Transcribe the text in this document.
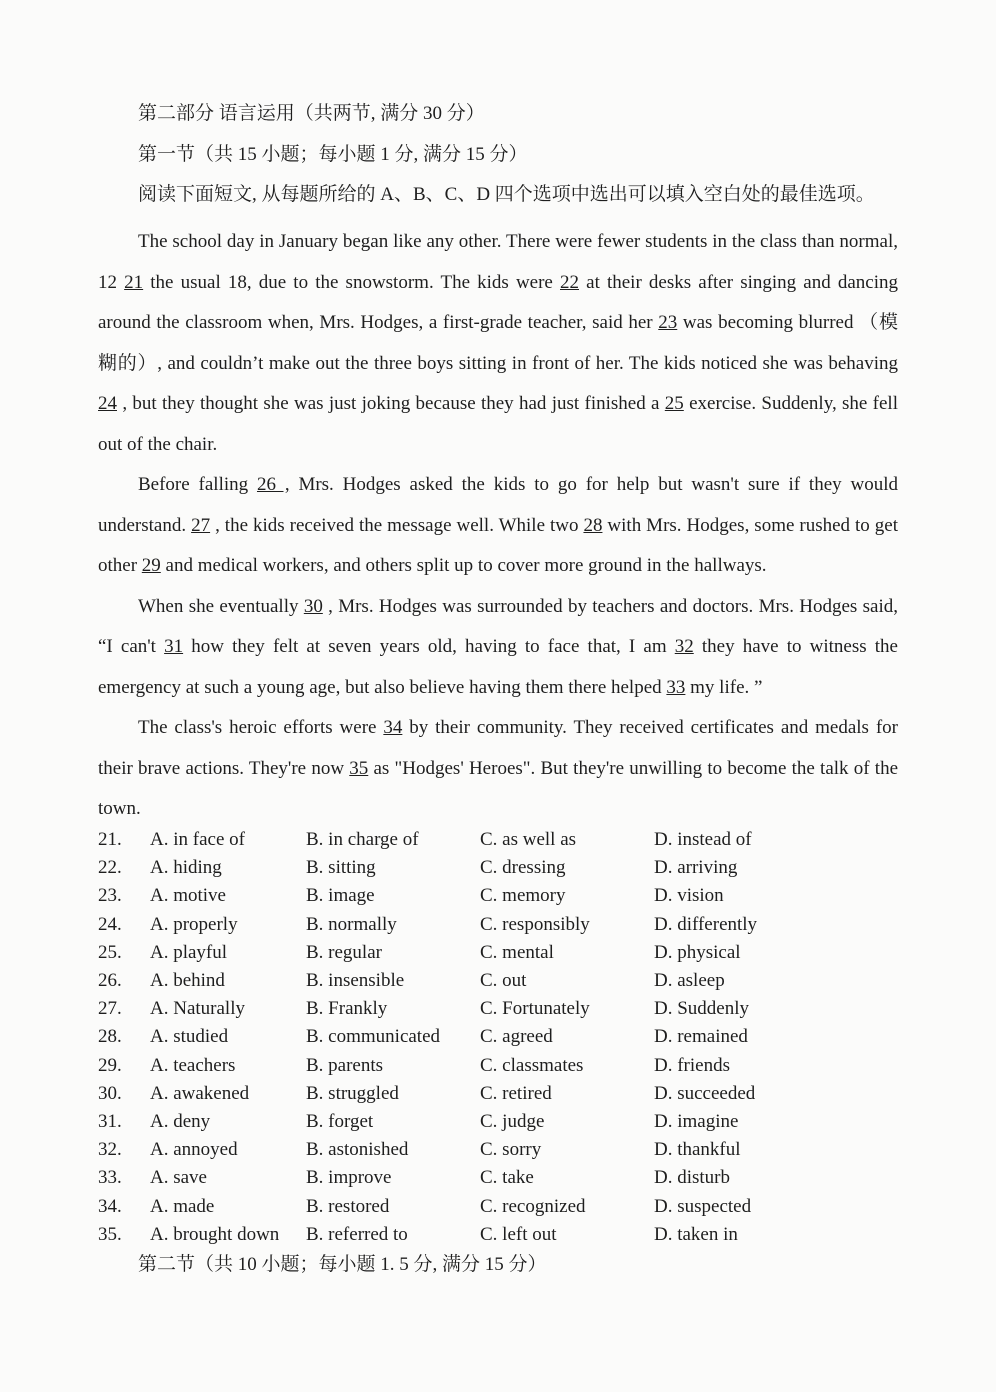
第二部分 语言运用（共两节, 满分 30 分）
第一节（共 15 小题；每小题 1 分, 满分 15 分）
阅读下面短文, 从每题所给的 A、B、C、D 四个选项中选出可以填入空白处的最佳选项。

The school day in January began like any other. There were fewer students in the class than normal, 12 21 the usual 18, due to the snowstorm. The kids were 22 at their desks after singing and dancing around the classroom when, Mrs. Hodges, a first-grade teacher, said her 23 was becoming blurred （模糊的）, and couldn’t make out the three boys sitting in front of her. The kids noticed she was behaving 24 , but they thought she was just joking because they had just finished a 25 exercise. Suddenly, she fell out of the chair.

Before falling 26 , Mrs. Hodges asked the kids to go for help but wasn't sure if they would understand. 27 , the kids received the message well. While two 28 with Mrs. Hodges, some rushed to get other 29 and medical workers, and others split up to cover more ground in the hallways.

When she eventually 30 , Mrs. Hodges was surrounded by teachers and doctors. Mrs. Hodges said, “I can't 31 how they felt at seven years old, having to face that, I am 32 they have to witness the emergency at such a young age, but also believe having them there helped 33 my life. ”

The class's heroic efforts were 34 by their community. They received certificates and medals for their brave actions. They're now 35 as "Hodges' Heroes". But they're unwilling to become the talk of the town.

21.	A. in face of	B. in charge of	C. as well as	D. instead of
22.	A. hiding	B. sitting	C. dressing	D. arriving
23.	A. motive	B. image	C. memory	D. vision
24.	A. properly	B. normally	C. responsibly	D. differently
25.	A. playful	B. regular	C. mental	D. physical
26.	A. behind	B. insensible	C. out	D. asleep
27.	A. Naturally	B. Frankly	C. Fortunately	D. Suddenly
28.	A. studied	B. communicated	C. agreed	D. remained
29.	A. teachers	B. parents	C. classmates	D. friends
30.	A. awakened	B. struggled	C. retired	D. succeeded
31.	A. deny	B. forget	C. judge	D. imagine
32.	A. annoyed	B. astonished	C. sorry	D. thankful
33.	A. save	B. improve	C. take	D. disturb
34.	A. made	B. restored	C. recognized	D. suspected
35.	A. brought down	B. referred to	C. left out	D. taken in
第二节（共 10 小题；每小题 1. 5 分, 满分 15 分）
